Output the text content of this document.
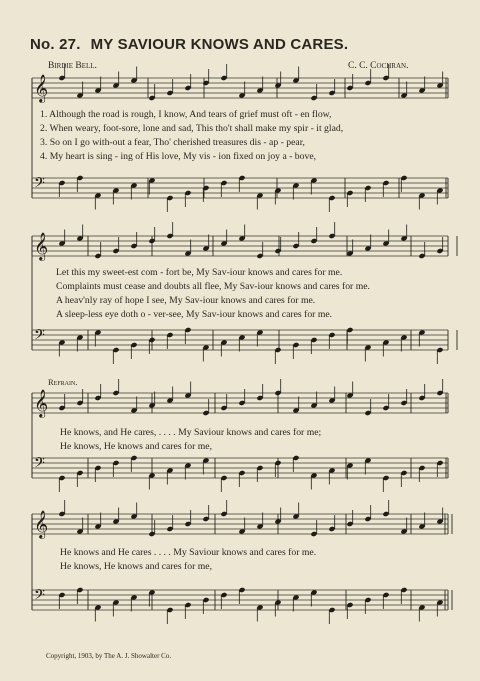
No. 27. MY SAVIOUR KNOWS AND CARES.
Birdie Bell.	C. C. Cochran.
𝄞
𝄢
𝄞
𝄢
𝄞
𝄢
𝄞
𝄢
1. Although the road is rough, I know, And tears of grief must oft - en flow,
2. When weary, foot-sore, lone and sad, This tho't shall make my spir - it glad,
3. So on I go with-out a fear, Tho' cherished treasures dis - ap - pear,
4. My heart is sing - ing of His love, My vis - ion fixed on joy a - bove,
Let this my sweet-est com - fort be, My Sav-iour knows and cares for me.
Complaints must cease and doubts all flee, My Sav-iour knows and cares for me.
A heav'nly ray of hope I see, My Sav-iour knows and cares for me.
A sleep-less eye doth o - ver-see, My Sav-iour knows and cares for me.
Refrain.
He knows, and He cares, . . . . My Saviour knows and cares for me;
He knows, He knows and cares for me,
He knows and He cares . . . . My Saviour knows and cares for me.
He knows, He knows and cares for me,
Copyright, 1903, by The A. J. Showalter Co.
